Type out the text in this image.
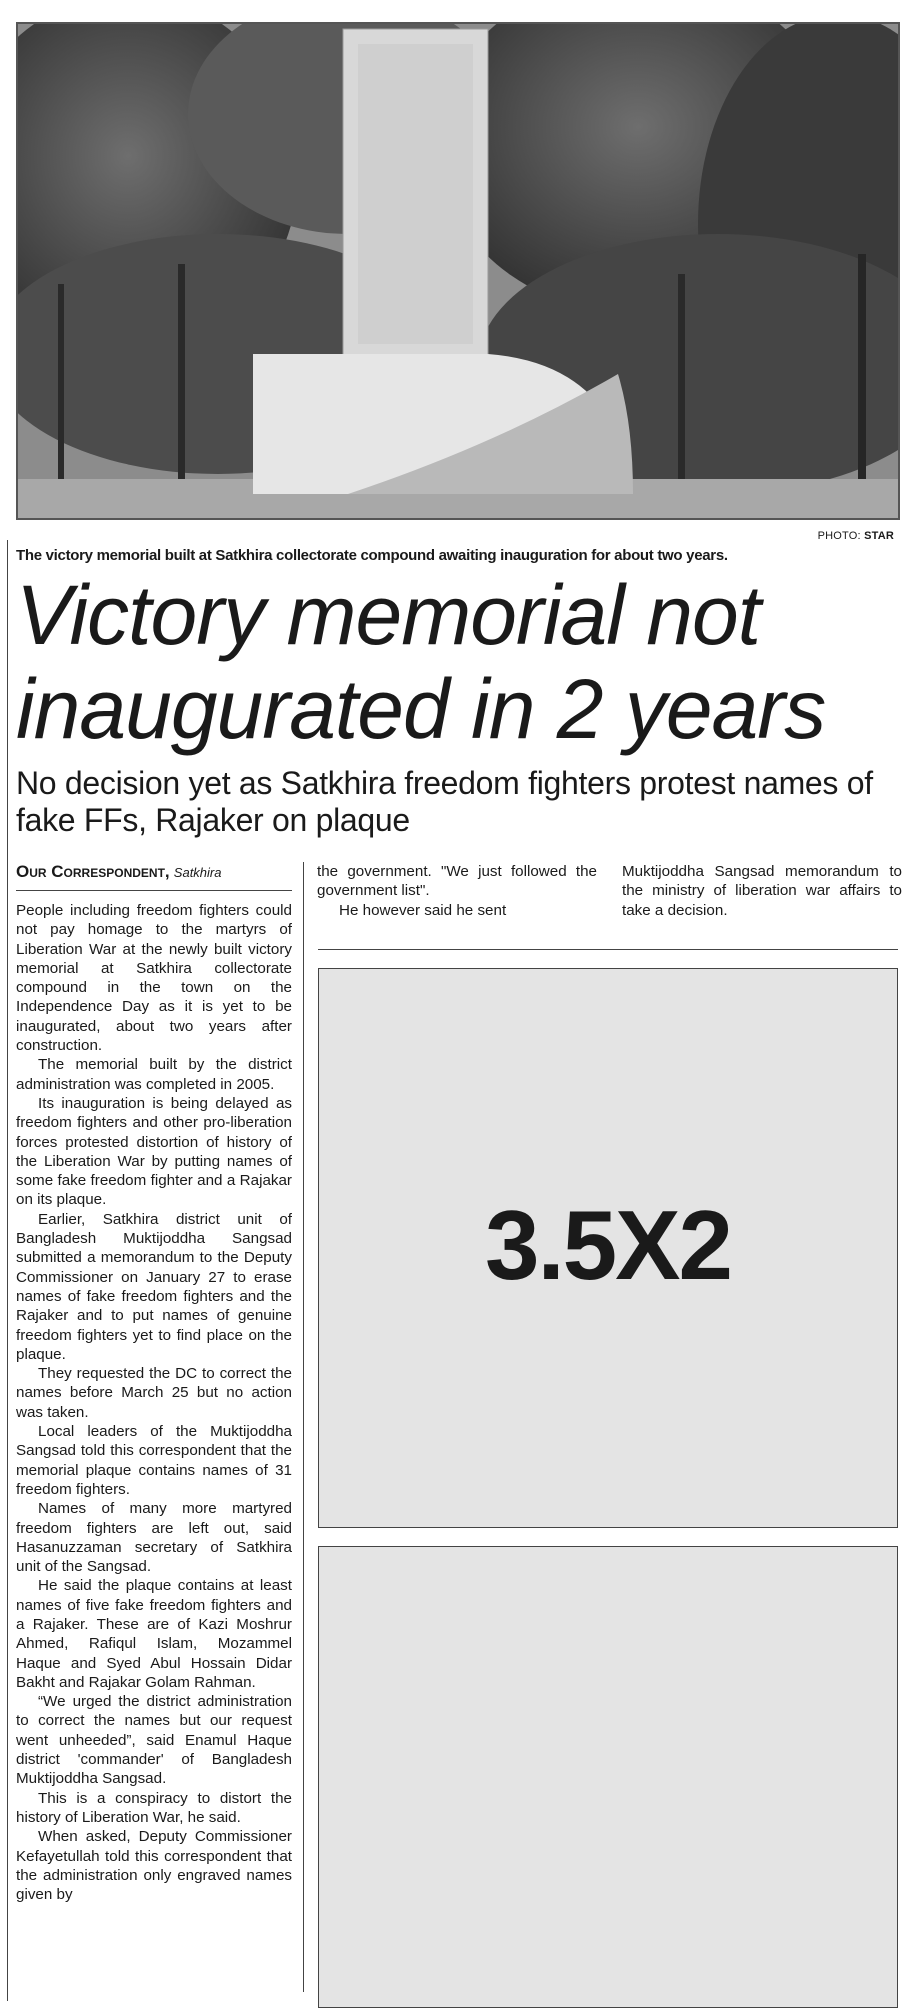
PHOTO: STAR
The victory memorial built at Satkhira collectorate compound awaiting inauguration for about two years.
Victory memorial not inaugurated in 2 years
No decision yet as Satkhira freedom fighters protest names of fake FFs, Rajaker on plaque
Our Correspondent, Satkhira

People including freedom fighters could not pay homage to the martyrs of Liberation War at the newly built victory memorial at Satkhira collectorate compound in the town on the Independence Day as it is yet to be inaugurated, about two years after construction.

The memorial built by the district administration was completed in 2005.

Its inauguration is being delayed as freedom fighters and other pro-liberation forces protested distortion of history of the Liberation War by putting names of some fake freedom fighter and a Rajakar on its plaque.

Earlier, Satkhira district unit of Bangladesh Muktijoddha Sangsad submitted a memorandum to the Deputy Commissioner on January 27 to erase names of fake freedom fighters and the Rajaker and to put names of genuine freedom fighters yet to find place on the plaque.

They requested the DC to correct the names before March 25 but no action was taken.

Local leaders of the Muktijoddha Sangsad told this correspondent that the memorial plaque contains names of 31 freedom fighters.

Names of many more martyred freedom fighters are left out, said Hasanuzzaman secretary of Satkhira unit of the Sangsad.

He said the plaque contains at least names of five fake freedom fighters and a Rajaker. These are of Kazi Moshrur Ahmed, Rafiqul Islam, Mozammel Haque and Syed Abul Hossain Didar Bakht and Rajakar Golam Rahman.

“We urged the district administration to correct the names but our request went unheeded”, said Enamul Haque district 'commander' of Bangladesh Muktijoddha Sangsad.

This is a conspiracy to distort the history of Liberation War, he said.

When asked, Deputy Commissioner Kefayetullah told this correspondent that the administration only engraved names given by

the government. "We just followed the government list".

He however said he sent

Muktijoddha Sangsad memorandum to the ministry of liberation war affairs to take a decision.

3.5X2
